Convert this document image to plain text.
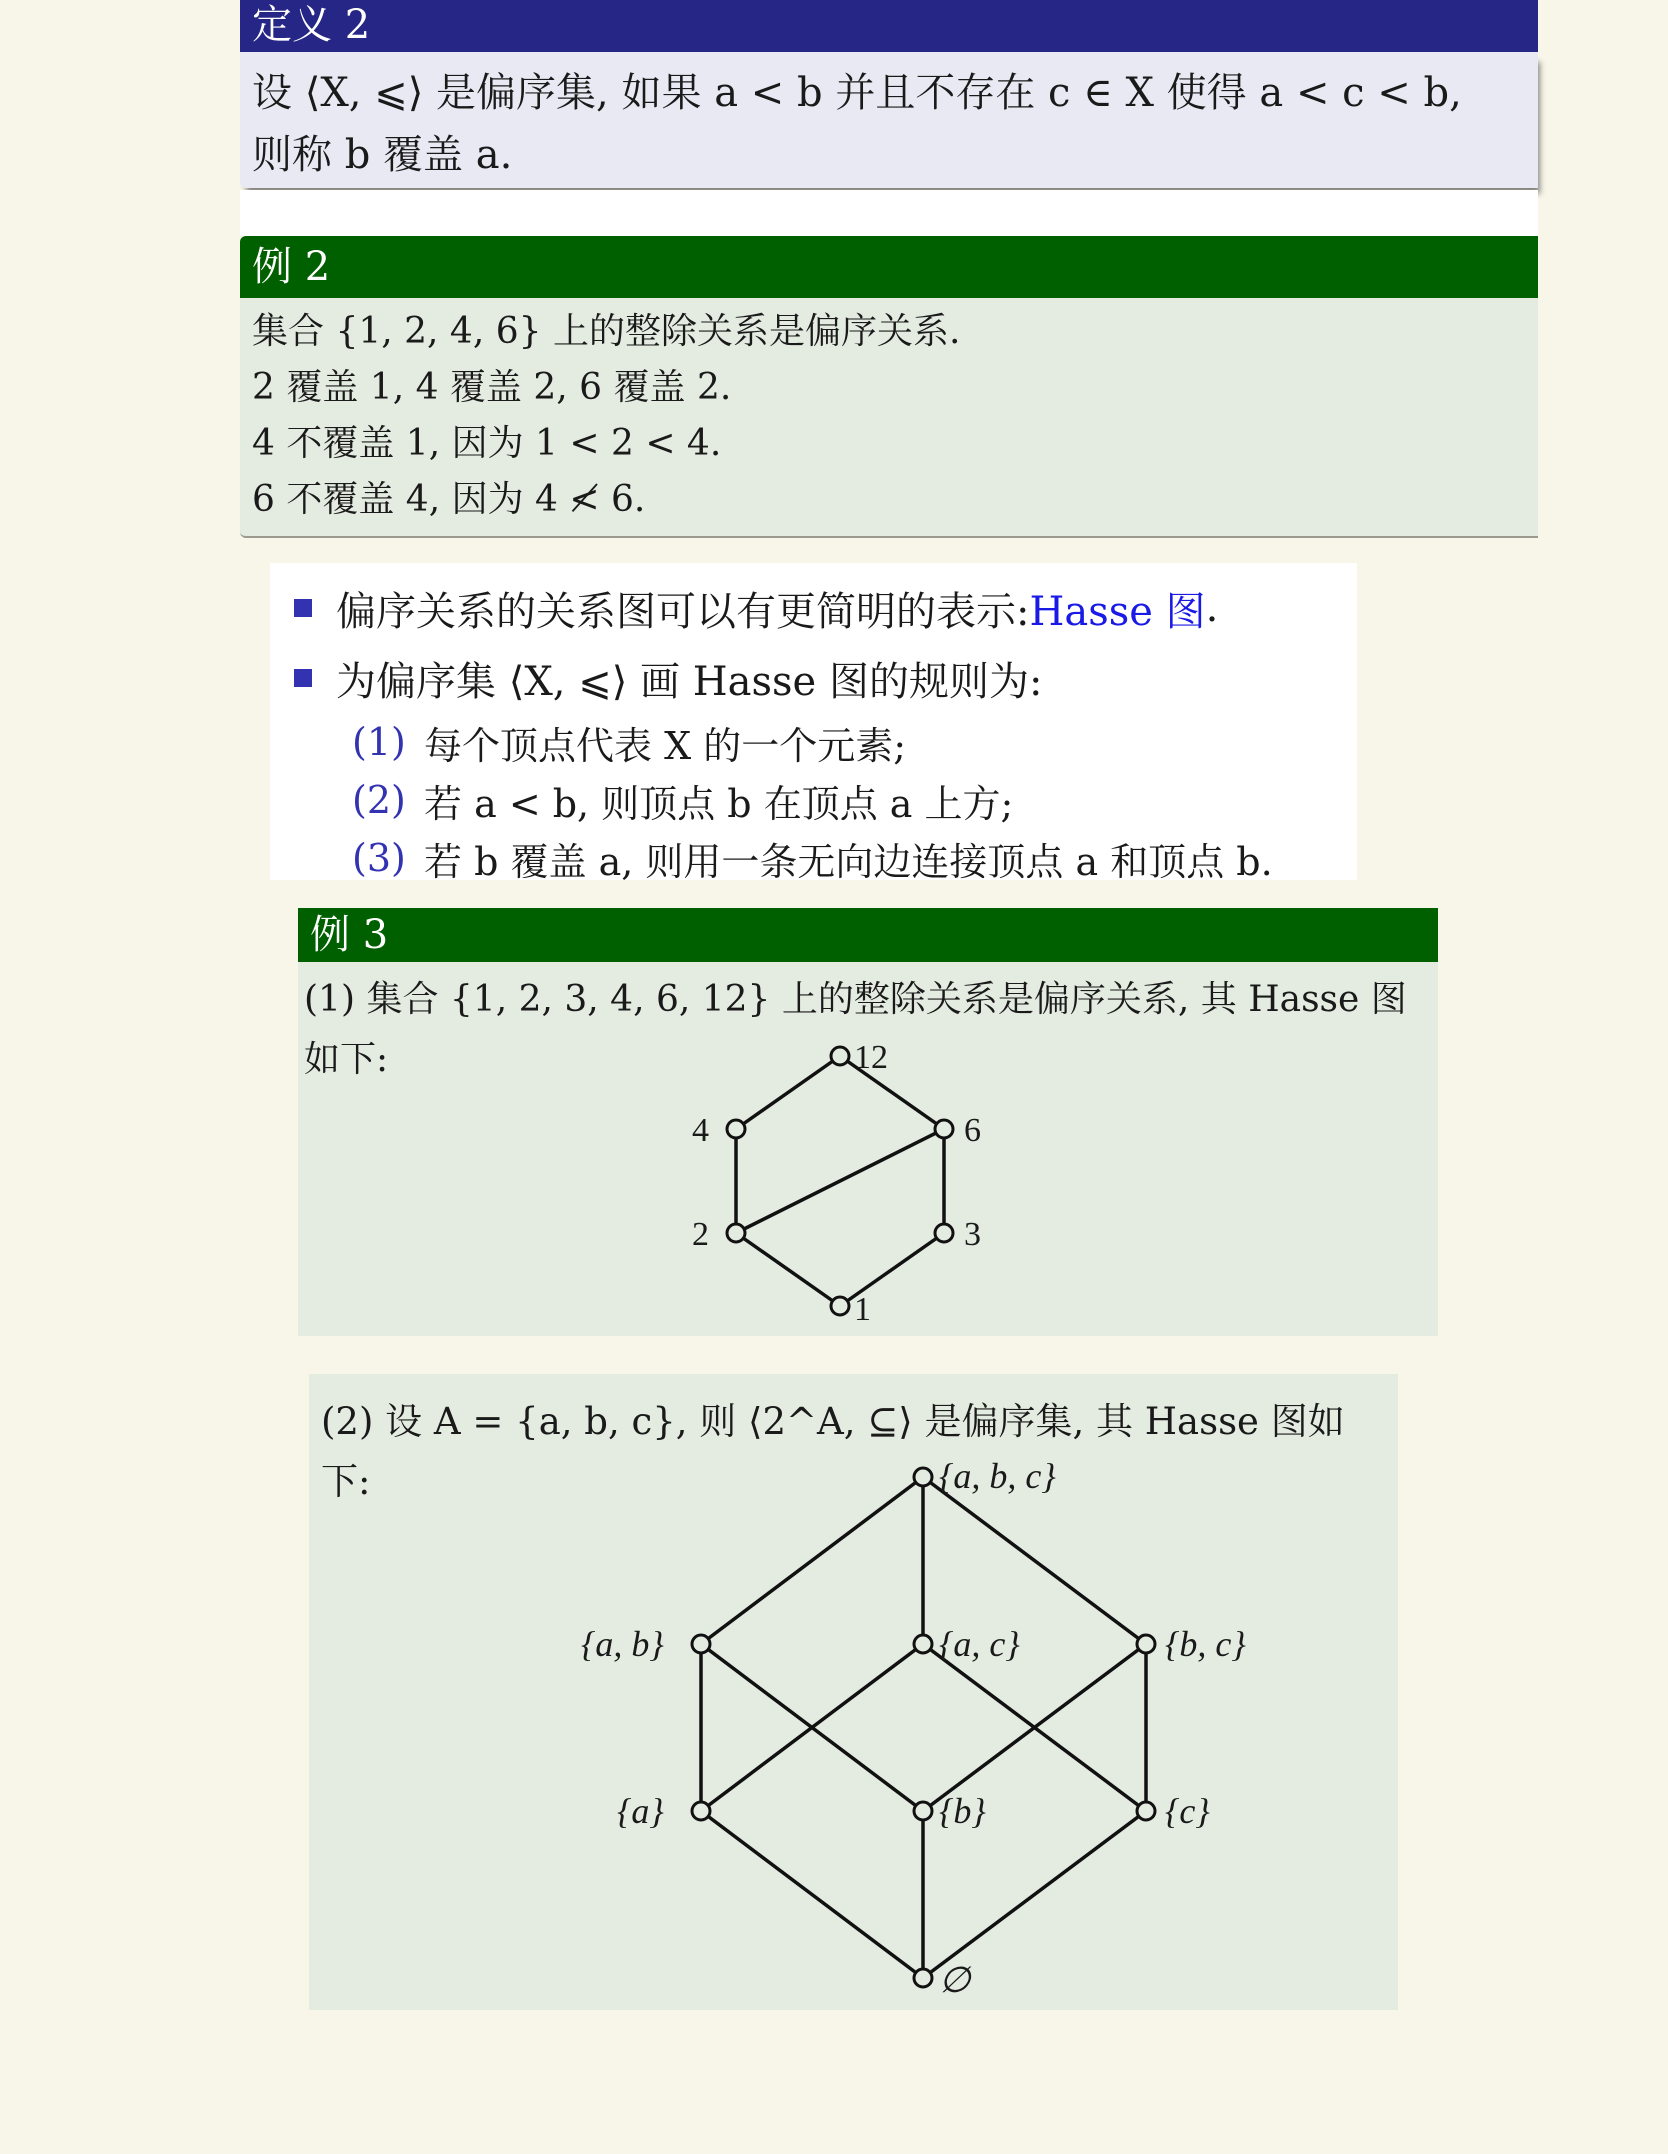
定义 2
设 ⟨X, ⩽⟩ 是偏序集, 如果 a < b 并且不存在 c ∈ X 使得 a < c < b,
则称 b 覆盖 a.
例 2
集合 {1, 2, 4, 6} 上的整除关系是偏序关系.
2 覆盖 1, 4 覆盖 2, 6 覆盖 2.
4 不覆盖 1, 因为 1 < 2 < 4.
6 不覆盖 4, 因为 4 ≮ 6.
偏序关系的关系图可以有更简明的表示: Hasse 图 .
为偏序集 ⟨X, ⩽⟩ 画 Hasse 图的规则为:
(1) 每个顶点代表 X 的一个元素;
(2) 若 a < b, 则顶点 b 在顶点 a 上方;
(3) 若 b 覆盖 a, 则用一条无向边连接顶点 a 和顶点 b.
例 3
(1) 集合 {1, 2, 3, 4, 6, 12} 上的整除关系是偏序关系, 其 Hasse 图如下:	12
4	6
2	3
1
(2) 设 A = {a, b, c}, 则 ⟨2^A, ⊆⟩ 是偏序集, 其 Hasse 图如下:	{a, b, c}
{a, b}	{a, c}	{b, c}
{a}	{b}	{c}
∅
